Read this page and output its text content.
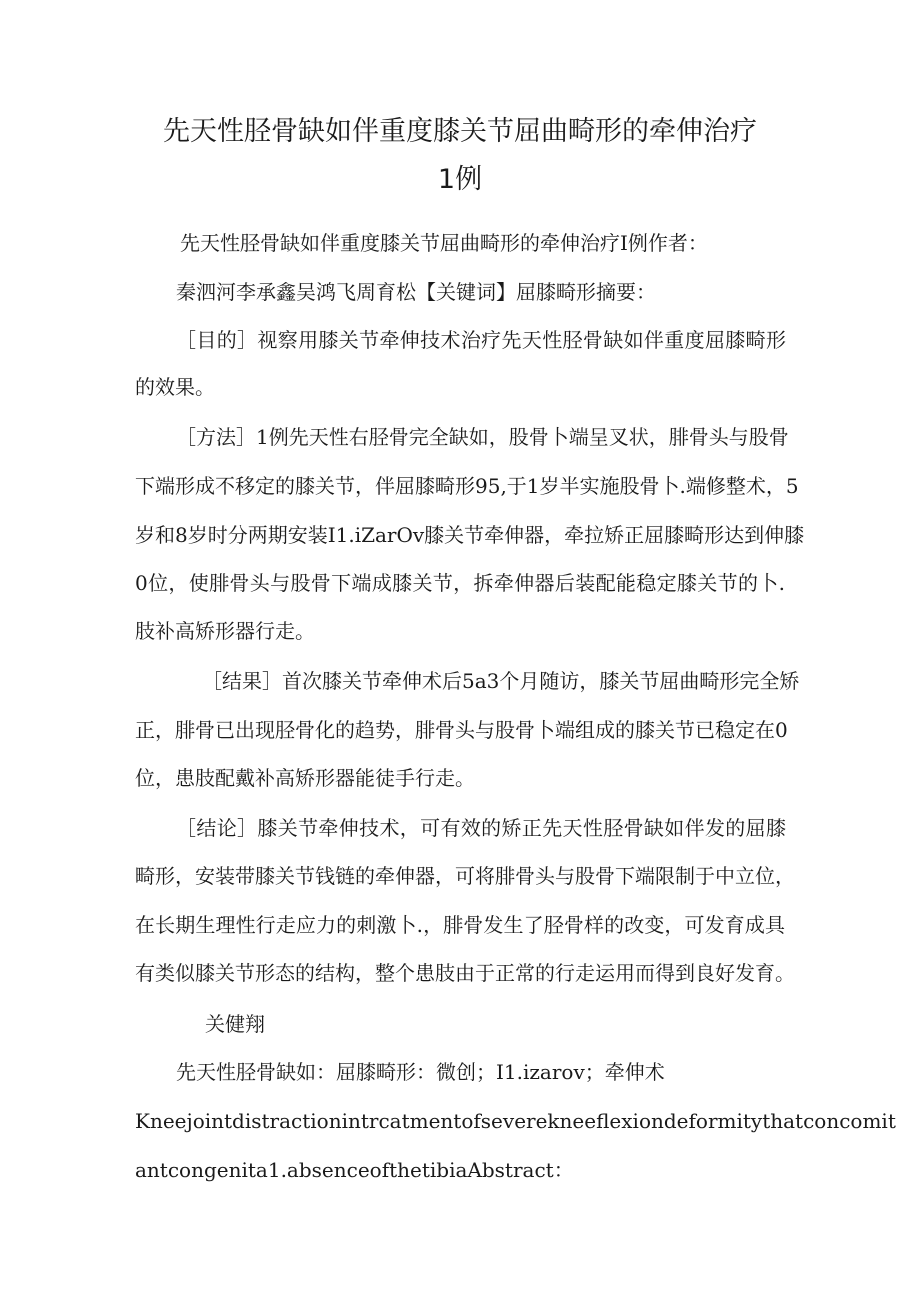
先天性胫骨缺如伴重度膝关节屈曲畸形的牵伸治疗
1例
先天性胫骨缺如伴重度膝关节屈曲畸形的牵伸治疗I例作者：
秦泗河李承鑫吴鸿飞周育松【关键词】屈膝畸形摘要：
［目的］视察用膝关节牵伸技术治疗先天性胫骨缺如伴重度屈膝畸形
的效果。
［方法］1例先天性右胫骨完全缺如，股骨卜端呈叉状，腓骨头与股骨
下端形成不移定的膝关节，伴屈膝畸形95,于1岁半实施股骨卜.端修整术，5
岁和8岁时分两期安装I1.iZarOv膝关节牵伸器，牵拉矫正屈膝畸形达到伸膝
0位，使腓骨头与股骨下端成膝关节，拆牵伸器后装配能稳定膝关节的卜.
肢补高矫形器行走。
［结果］首次膝关节牵伸术后5a3个月随访，膝关节屈曲畸形完全矫
正，腓骨已出现胫骨化的趋势，腓骨头与股骨卜端组成的膝关节已稳定在0
位，患肢配戴补高矫形器能徒手行走。
［结论］膝关节牵伸技术，可有效的矫正先天性胫骨缺如伴发的屈膝
畸形，安装带膝关节钱链的牵伸器，可将腓骨头与股骨下端限制于中立位，
在长期生理性行走应力的刺激卜.，腓骨发生了胫骨样的改变，可发育成具
有类似膝关节形态的结构，整个患肢由于正常的行走运用而得到良好发育。
关健翔
先天性胫骨缺如：屈膝畸形：微创；I1.izarov；牵伸术
Kneejointdistractionintrcatmentofseverekneeflexiondeformitythatconcomit
antcongenita1.absenceofthetibiaAbstract：
